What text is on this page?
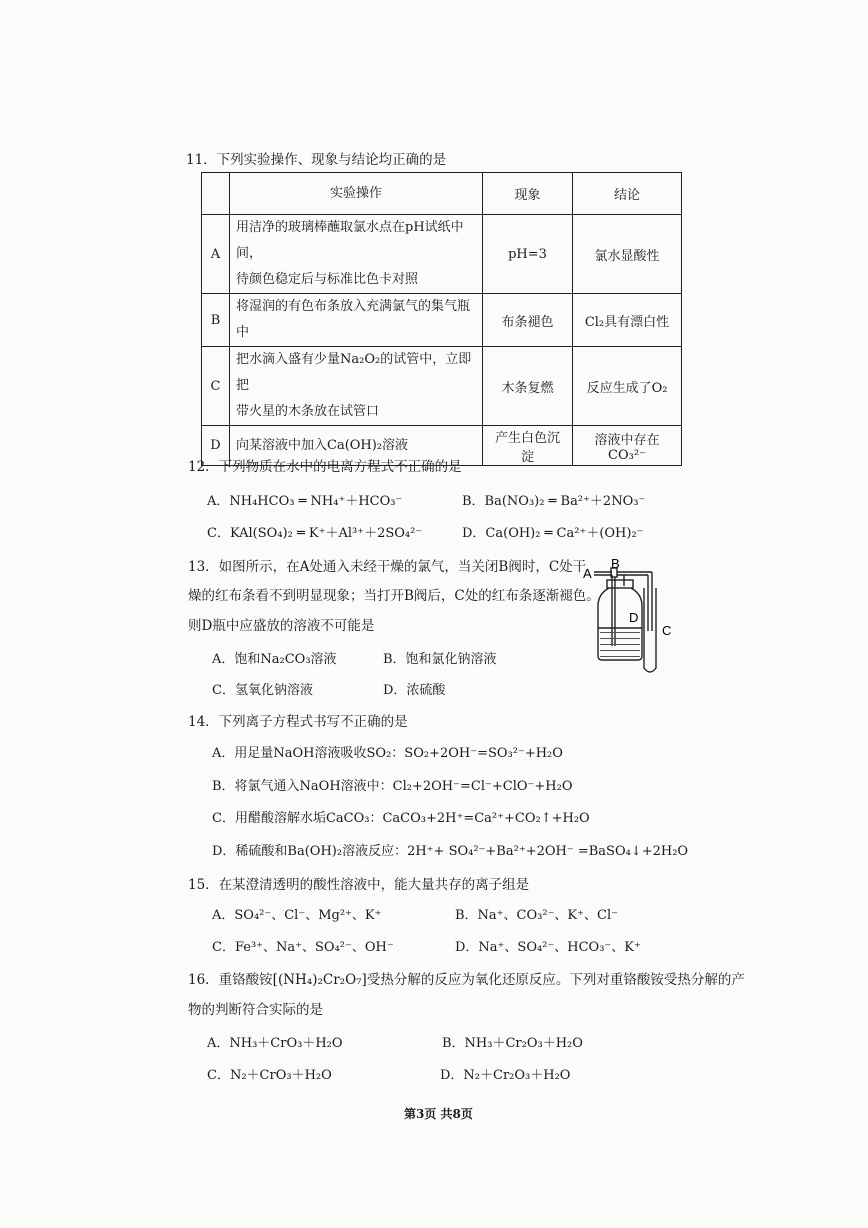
11．下列实验操作、现象与结论均正确的是
	实验操作	现象	结论
A	用洁净的玻璃棒蘸取氯水点在pH试纸中间，
待颜色稳定后与标准比色卡对照	pH=3	氯水显酸性
B	将湿润的有色布条放入充满氯气的集气瓶中	布条褪色	Cl₂具有漂白性
C	把水滴入盛有少量Na₂O₂的试管中，立即把
带火星的木条放在试管口	木条复燃	反应生成了O₂
D	向某溶液中加入Ca(OH)₂溶液	产生白色沉淀	溶液中存在CO₃²⁻
12．下列物质在水中的电离方程式不正确的是
A．NH₄HCO₃ ═ NH₄⁺＋HCO₃⁻	B．Ba(NO₃)₂ ═ Ba²⁺＋2NO₃⁻
C．KAl(SO₄)₂ ═ K⁺＋Al³⁺＋2SO₄²⁻	D．Ca(OH)₂ ═ Ca²⁺＋(OH)₂⁻
13．如图所示，在A处通入未经干燥的氯气，当关闭B阀时，C处干
燥的红布条看不到明显现象；当打开B阀后，C处的红布条逐渐褪色。
则D瓶中应盛放的溶液不可能是
A．饱和Na₂CO₃溶液	B．饱和氯化钠溶液
C．氢氧化钠溶液	D．浓硫酸
B
A
D
C
14．下列离子方程式书写不正确的是
A．用足量NaOH溶液吸收SO₂：SO₂+2OH⁻=SO₃²⁻+H₂O
B．将氯气通入NaOH溶液中：Cl₂+2OH⁻=Cl⁻+ClO⁻+H₂O
C．用醋酸溶解水垢CaCO₃：CaCO₃+2H⁺=Ca²⁺+CO₂↑+H₂O
D．稀硫酸和Ba(OH)₂溶液反应：2H⁺+ SO₄²⁻+Ba²⁺+2OH⁻ =BaSO₄↓+2H₂O
15．在某澄清透明的酸性溶液中，能大量共存的离子组是
A．SO₄²⁻、Cl⁻、Mg²⁺、K⁺	B．Na⁺、CO₃²⁻、K⁺、Cl⁻
C．Fe³⁺、Na⁺、SO₄²⁻、OH⁻	D．Na⁺、SO₄²⁻、HCO₃⁻、K⁺
16．重铬酸铵[(NH₄)₂Cr₂O₇]受热分解的反应为氧化还原反应。下列对重铬酸铵受热分解的产
物的判断符合实际的是
A．NH₃＋CrO₃＋H₂O	B．NH₃＋Cr₂O₃＋H₂O
C．N₂＋CrO₃＋H₂O	D．N₂＋Cr₂O₃＋H₂O
第3页 共8页
